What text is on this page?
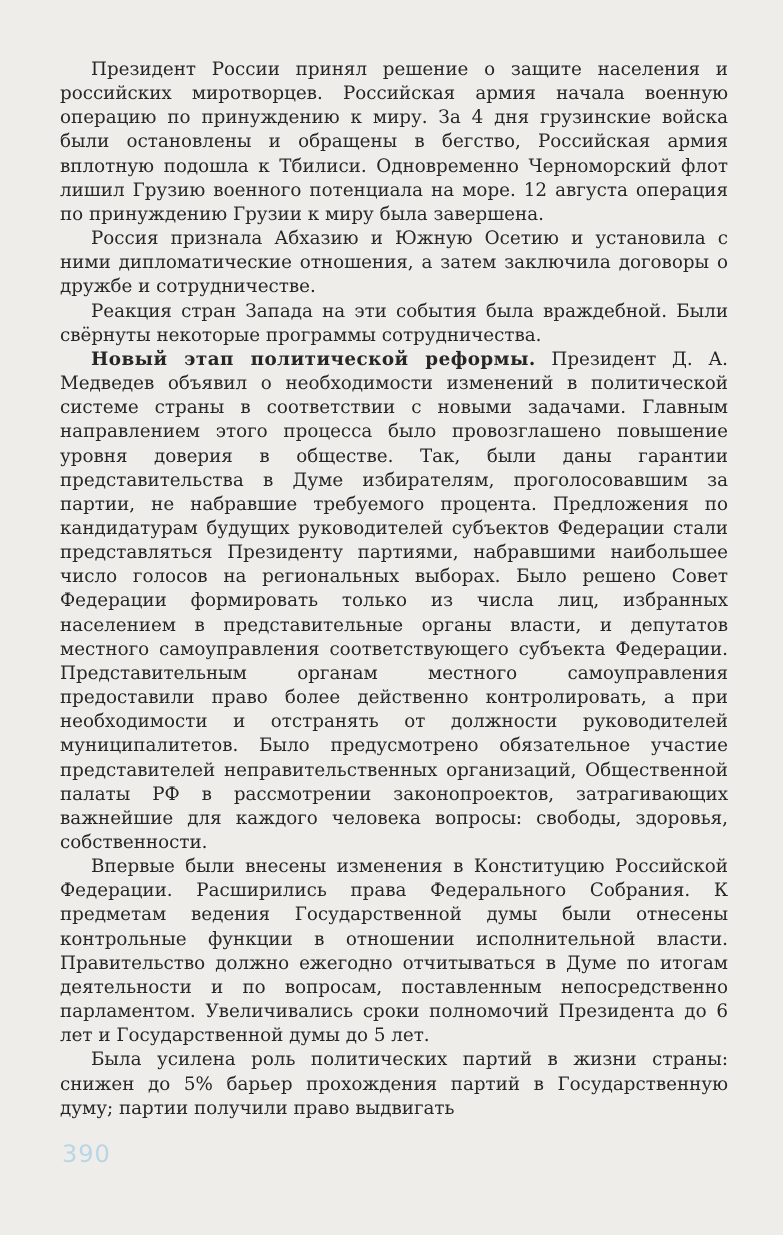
Президент России принял решение о защите населения и российских миротворцев. Российская армия начала военную операцию по принуждению к миру. За 4 дня грузинские войска были остановлены и обращены в бегство, Российская армия вплотную подошла к Тбилиси. Одновременно Черноморский флот лишил Грузию военного потенциала на море. 12 августа операция по принуждению Грузии к миру была завершена.

Россия признала Абхазию и Южную Осетию и установила с ними дипломатические отношения, а затем заключила договоры о дружбе и сотрудничестве.

Реакция стран Запада на эти события была враждебной. Были свёрнуты некоторые программы сотрудничества.

Новый этап политической реформы. Президент Д. А. Медведев объявил о необходимости изменений в политической системе страны в соответствии с новыми задачами. Главным направлением этого процесса было провозглашено повышение уровня доверия в обществе. Так, были даны гарантии представительства в Думе избирателям, проголосовавшим за партии, не набравшие требуемого процента. Предложения по кандидатурам будущих руководителей субъектов Федерации стали представляться Президенту партиями, набравшими наибольшее число голосов на региональных выборах. Было решено Совет Федерации формировать только из числа лиц, избранных населением в представительные органы власти, и депутатов местного самоуправления соответствующего субъекта Федерации. Представительным органам местного самоуправления предоставили право более действенно контролировать, а при необходимости и отстранять от должности руководителей муниципалитетов. Было предусмотрено обязательное участие представителей неправительственных организаций, Общественной палаты РФ в рассмотрении законопроектов, затрагивающих важнейшие для каждого человека вопросы: свободы, здоровья, собственности.

Впервые были внесены изменения в Конституцию Российской Федерации. Расширились права Федерального Собрания. К предметам ведения Государственной думы были отнесены контрольные функции в отношении исполнительной власти. Правительство должно ежегодно отчитываться в Думе по итогам деятельности и по вопросам, поставленным непосредственно парламентом. Увеличивались сроки полномочий Президента до 6 лет и Государственной думы до 5 лет.

Была усилена роль политических партий в жизни страны: снижен до 5% барьер прохождения партий в Государственную думу; партии получили право выдвигать

390
